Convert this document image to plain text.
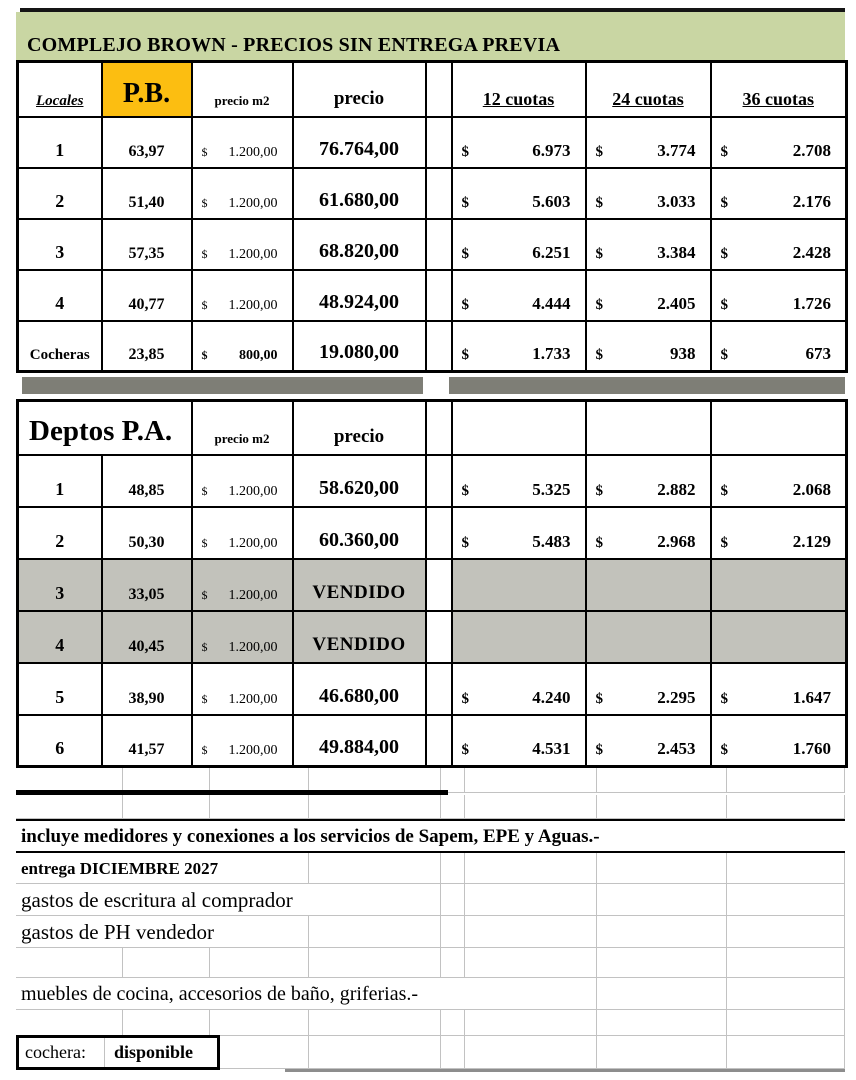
COMPLEJO BROWN - PRECIOS SIN ENTREGA PREVIA
Locales	P.B.	precio m2	precio		12 cuotas	24 cuotas	36 cuotas
1	63,97	$ 1.200,00	76.764,00		$ 6.973	$ 3.774	$ 2.708

2	51,40	$ 1.200,00	61.680,00		$ 5.603	$ 3.033	$ 2.176

3	57,35	$ 1.200,00	68.820,00		$ 6.251	$ 3.384	$ 2.428

4	40,77	$ 1.200,00	48.924,00		$ 4.444	$ 2.405	$ 1.726

Cocheras	23,85	$ 800,00	19.080,00		$ 1.733	$ 938	$ 673
Deptos P.A.		precio m2	precio				
1	48,85	$ 1.200,00	58.620,00		$ 5.325	$ 2.882	$ 2.068

2	50,30	$ 1.200,00	60.360,00		$ 5.483	$ 2.968	$ 2.129

3	33,05	$ 1.200,00	VENDIDO				
4	40,45	$ 1.200,00	VENDIDO				
5	38,90	$ 1.200,00	46.680,00		$ 4.240	$ 2.295	$ 1.647

6	41,57	$ 1.200,00	49.884,00		$ 4.531	$ 2.453	$ 1.760
incluye medidores y conexiones a los servicios de Sapem, EPE y Aguas.-
entrega DICIEMBRE 2027
gastos de escritura al comprador
gastos de PH vendedor
muebles de cocina, accesorios de baño, griferias.-
cochera:	disponible
